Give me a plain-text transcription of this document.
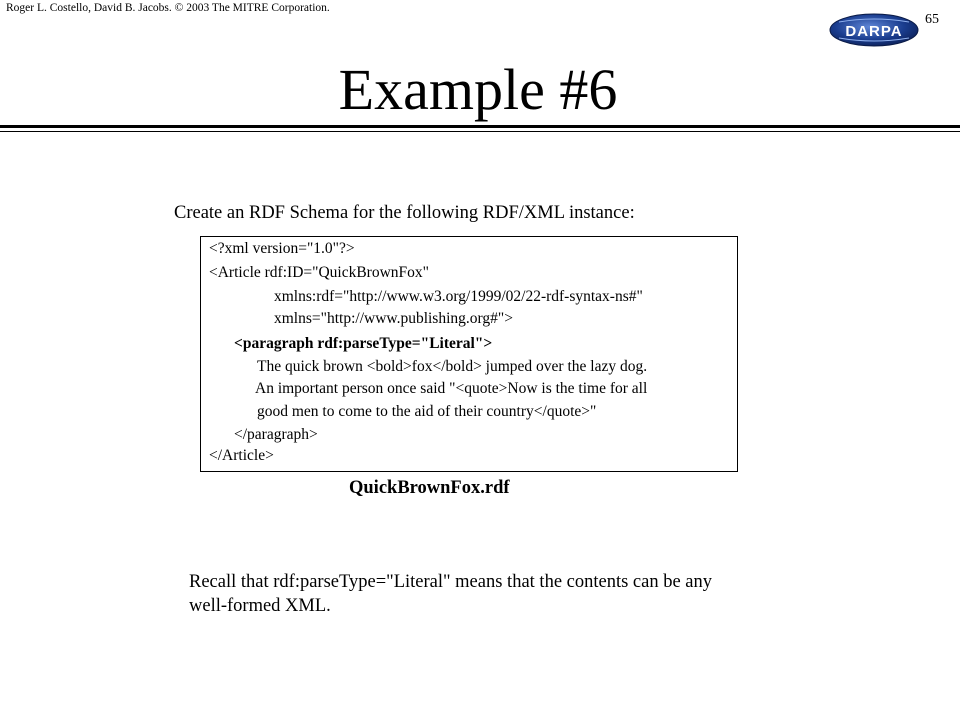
Roger L. Costello, David B. Jacobs. © 2003 The MITRE Corporation.
65
DARPA
Example #6
Create an RDF Schema for the following RDF/XML instance:
<?xml version="1.0"?>
<Article rdf:ID="QuickBrownFox"
xmlns:rdf="http://www.w3.org/1999/02/22-rdf-syntax-ns#"
xmlns="http://www.publishing.org#">
<paragraph rdf:parseType="Literal">
The quick brown <bold>fox</bold> jumped over the lazy dog.
An important person once said "<quote>Now is the time for all
good men to come to the aid of their country</quote>"
</paragraph>
</Article>
QuickBrownFox.rdf
Recall that rdf:parseType="Literal" means that the contents can be any
well-formed XML.
